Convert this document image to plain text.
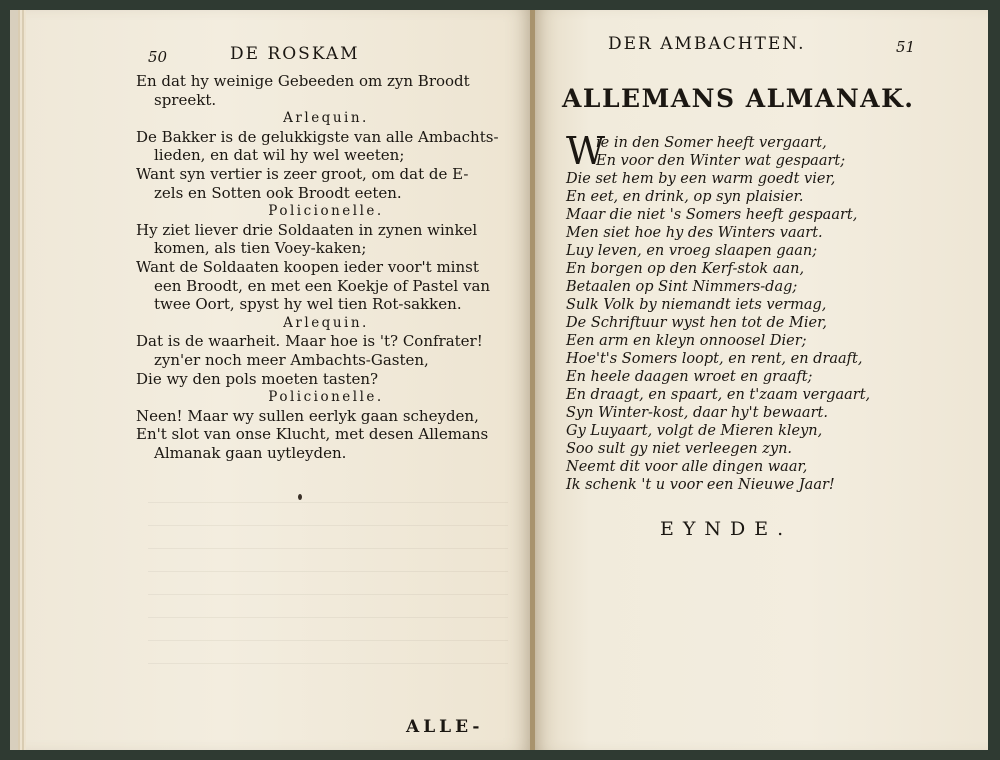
50	DE ROSKAM
En dat hy weinige Gebeeden om zyn Broodt
spreekt.
Arlequin.
De Bakker is de gelukkigste van alle Ambachts-
lieden, en dat wil hy wel weeten;
Want syn vertier is zeer groot, om dat de E-
zels en Sotten ook Broodt eeten.
Policionelle.
Hy ziet liever drie Soldaaten in zynen winkel
komen, als tien Voey-kaken;
Want de Soldaaten koopen ieder voor't minst
een Broodt, en met een Koekje of Pastel van
twee Oort, spyst hy wel tien Rot-sakken.
Arlequin.
Dat is de waarheit. Maar hoe is 't? Confrater!
zyn'er noch meer Ambachts-Gasten,
Die wy den pols moeten tasten?
Policionelle.
Neen! Maar wy sullen eerlyk gaan scheyden,
En't slot van onse Klucht, met desen Allemans
Almanak gaan uytleyden.
ALLE-
DER AMBACHTEN.	51
ALLEMANS ALMANAK.
W
ie in den Somer heeft vergaart,
En voor den Winter wat gespaart;
Die set hem by een warm goedt vier,
En eet, en drink, op syn plaisier.
Maar die niet 's Somers heeft gespaart,
Men siet hoe hy des Winters vaart.
Luy leven, en vroeg slaapen gaan;
En borgen op den Kerf-stok aan,
Betaalen op Sint Nimmers-dag;
Sulk Volk by niemandt iets vermag,
De Schriftuur wyst hen tot de Mier,
Een arm en kleyn onnoosel Dier;
Hoe't's Somers loopt, en rent, en draaft,
En heele daagen wroet en graaft;
En draagt, en spaart, en t'zaam vergaart,
Syn Winter-kost, daar hy't bewaart.
Gy Luyaart, volgt de Mieren kleyn,
Soo sult gy niet verleegen zyn.
Neemt dit voor alle dingen waar,
Ik schenk 't u voor een Nieuwe Jaar!
EYNDE.
